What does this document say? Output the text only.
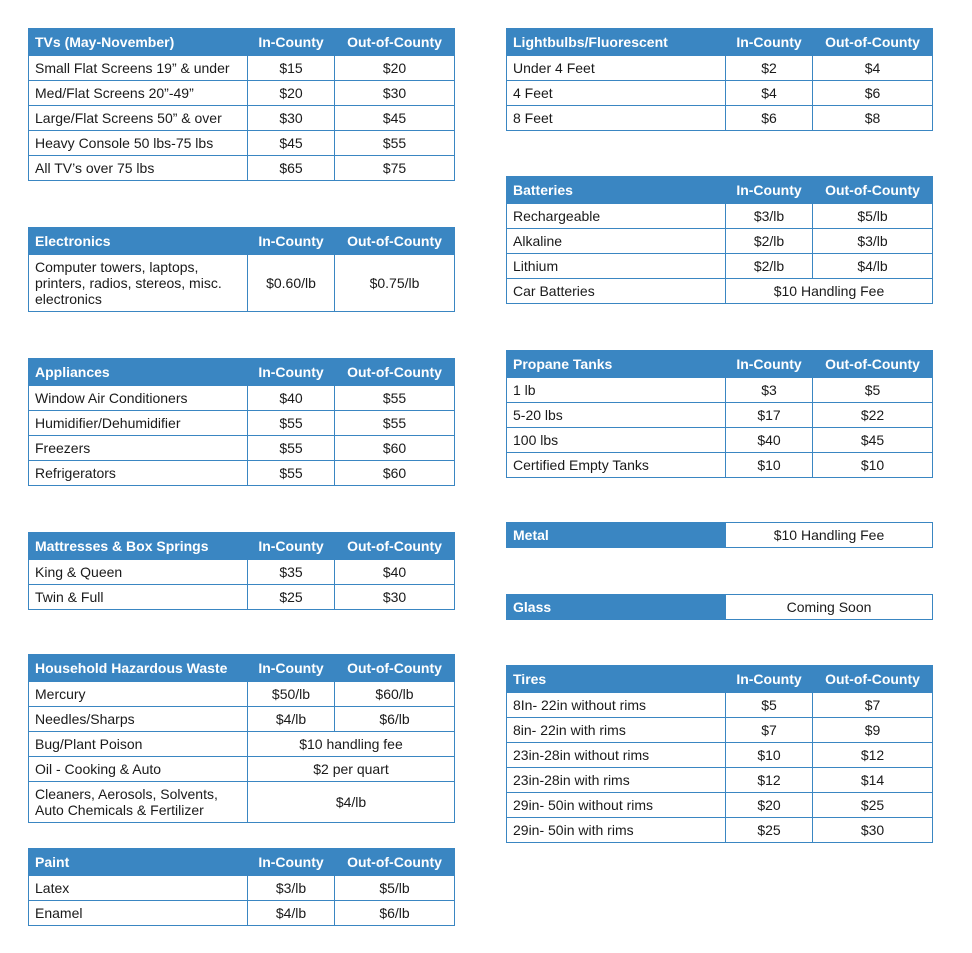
TVs (May-November)	In-County	Out-of-County
Small Flat Screens 19” & under	$15	$20
Med/Flat Screens 20”-49”	$20	$30
Large/Flat Screens 50” & over	$30	$45
Heavy Console 50 lbs-75 lbs	$45	$55
All TV’s over 75 lbs	$65	$75
Electronics	In-County	Out-of-County
Computer towers, laptops, printers, radios, stereos, misc. electronics	$0.60/lb	$0.75/lb
Appliances	In-County	Out-of-County
Window Air Conditioners	$40	$55
Humidifier/Dehumidifier	$55	$55
Freezers	$55	$60
Refrigerators	$55	$60
Mattresses & Box Springs	In-County	Out-of-County
King & Queen	$35	$40
Twin & Full	$25	$30
Household Hazardous Waste	In-County	Out-of-County
Mercury	$50/lb	$60/lb
Needles/Sharps	$4/lb	$6/lb
Bug/Plant Poison	$10 handling fee	
Oil - Cooking & Auto	$2 per quart	
Cleaners, Aerosols, Solvents, Auto Chemicals & Fertilizer	$4/lb	
Paint	In-County	Out-of-County
Latex	$3/lb	$5/lb
Enamel	$4/lb	$6/lb
Lightbulbs/Fluorescent	In-County	Out-of-County
Under 4 Feet	$2	$4
4 Feet	$4	$6
8 Feet	$6	$8
Batteries	In-County	Out-of-County
Rechargeable	$3/lb	$5/lb
Alkaline	$2/lb	$3/lb
Lithium	$2/lb	$4/lb
Car Batteries	$10 Handling Fee	
Propane Tanks	In-County	Out-of-County
1 lb	$3	$5
5-20 lbs	$17	$22
100 lbs	$40	$45
Certified Empty Tanks	$10	$10
Metal	$10 Handling Fee
Glass	Coming Soon
Tires	In-County	Out-of-County
8In- 22in without rims	$5	$7
8in- 22in with rims	$7	$9
23in-28in without rims	$10	$12
23in-28in with rims	$12	$14
29in- 50in without rims	$20	$25
29in- 50in with rims	$25	$30
